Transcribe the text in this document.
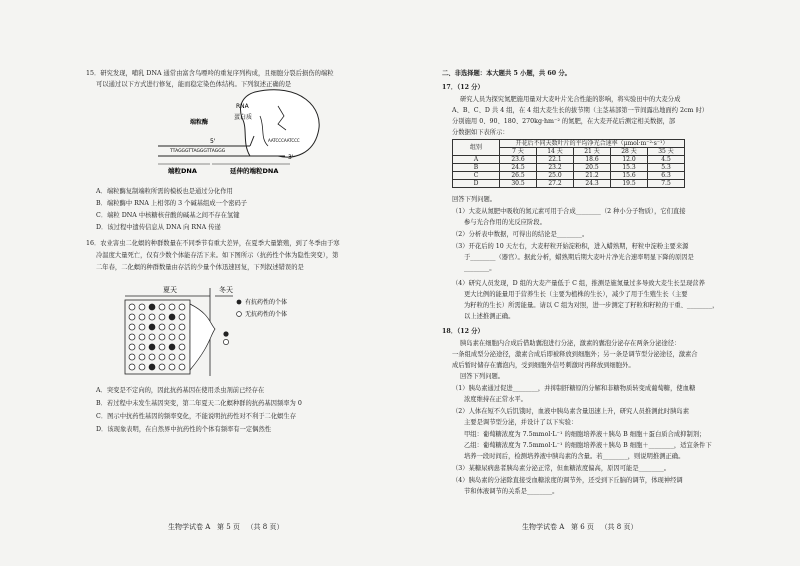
15．研究发现，哺乳 DNA 通常由富含鸟嘌呤的重复序列构成，且细胞分裂后损伤的端粒
可以通过以下方式进行修复，能而稳定染色体结构。下列叙述正确的是
RNA
蛋白质
端粒酶
5'
3'
TTAGGGTTAGGGTTAGGG
AATCCCAATCCC
端粒DNA	延伸的端粒DNA
A．端粒酶复制端粒所需的模板也是通过分化作用
B．端粒酶中 RNA 上相邻的 3 个碱基组成一个密码子
C．端粒 DNA 中核糖核苷酸的碱基之间不存在氢键
D．该过程中遗传信息从 DNA 向 RNA 传递
16．农业害虫二化螟的种群数量在不同季节有重大差异，在夏季大量繁殖，到了冬季由于寒
冷温度大量死亡，仅有少数个体能存活下来。如下图所示（抗药性个体为隐性突变），第
二年春，二化螟的种群数量由存活的少量个体迅速回复，下列叙述错误的是
夏天	冬天
有抗药性的个体
无抗药性的个体
A．突变是不定向的，因此抗药基因在使用杀虫剂前已经存在
B．若过程中未发生基因突变，第二年夏天二化螟种群的抗药基因频率为 0
C．图示中抗药性基因的频率变化，不能说明抗药性对不利于二化螟生存
D．该现象表明，在自然界中抗药性的个体有频率有一定偶然性
生物学试卷 A 第 5 页 （共 8 页）
二、非选择题：本大题共 5 小题，共 60 分。
17．（12 分）
研究人员为探究氮肥施用量对大麦叶片光合性能的影响，将实验田中的大麦分成
A、B、C、D 共 4 组，在 4 组大麦生长的拔节期（主茎基部第一节间露出地面约 2cm 时）
分别施用 0、90、180、270kg·hm⁻² 的氮肥，在大麦开花后测定相关数据，部
分数据如下表所示：
组别	开花后不同天数叶片的平均净光合速率（μmol·m⁻²·s⁻¹）				
	7 天	14 天	21 天	28 天	35 天
A	23.6	22.1	18.6	12.0	4.5
B	24.5	23.2	20.5	15.3	5.3
C	26.5	25.0	21.2	15.6	6.3
D	30.5	27.2	24.3	19.5	7.5
回答下列问题。
（1）大麦从氮肥中吸收的氮元素可用于合成________（2 种小分子物质），它们直接
参与光合作用的光反应阶段。
（2）分析表中数据，可得出的结论是________。
（3）开花后的 10 天左右，大麦籽粒开始淀粉积，进入蜡熟期，籽粒中淀粉主要来源
于________（器官）。据此分析，蜡熟期后期大麦叶片净光合速率明显下降的原因是
________。
（4）研究人员发现，D 组的大麦产量低于 C 组，推测是施氮量过多导致大麦生长呈现营养
更大比例的能量用于营养生长（主要为植株的生长），减少了用于生殖生长（主要
为籽粒的生长）所需能量。请以 C 组为对照，进一步测定了籽粒和籽粒的干重、________，
以上述推测正确。
18．（12 分）
胰岛素在细胞内合成后借助囊泡进行分泌，激素的囊泡分泌存在两条分泌途径：
一条组成型分泌途径，激素合成后即被释放到细胞外；另一条是调节型分泌途径，激素合
成后暂时储存在囊泡内，受到细胞外信号刺激时再释放到细胞外。
回答下列问题。
（1）胰岛素通过促进________，并抑制肝糖原的分解和非糖物质转变成葡萄糖，使血糖
浓度维持在正常水平。
（2）人体在短不久后饥饿时，血液中胰岛素含量迅速上升，研究人员推测此时胰岛素
主要是调节型分泌，并设计了以下实验：
甲组：葡萄糖浓度为 7.5mmol·L⁻¹ 的细胞培养液＋胰岛 B 细胞＋蛋白质合成抑制剂；
乙组：葡萄糖浓度为 7.5mmol·L⁻¹ 的细胞培养液＋胰岛 B 细胞＋________，适宜条件下
培养一段时间后，检测培养液中胰岛素的含量。若________，则说明推测正确。
（3）某糖尿病患者胰岛素分泌正常，但血糖浓度偏高，原因可能是________。
（4）胰岛素的分泌除直接受血糖浓度的调节外，还受到下丘脑的调节，体现神经调
节和体液调节的关系是________。
生物学试卷 A 第 6 页 （共 8 页）
